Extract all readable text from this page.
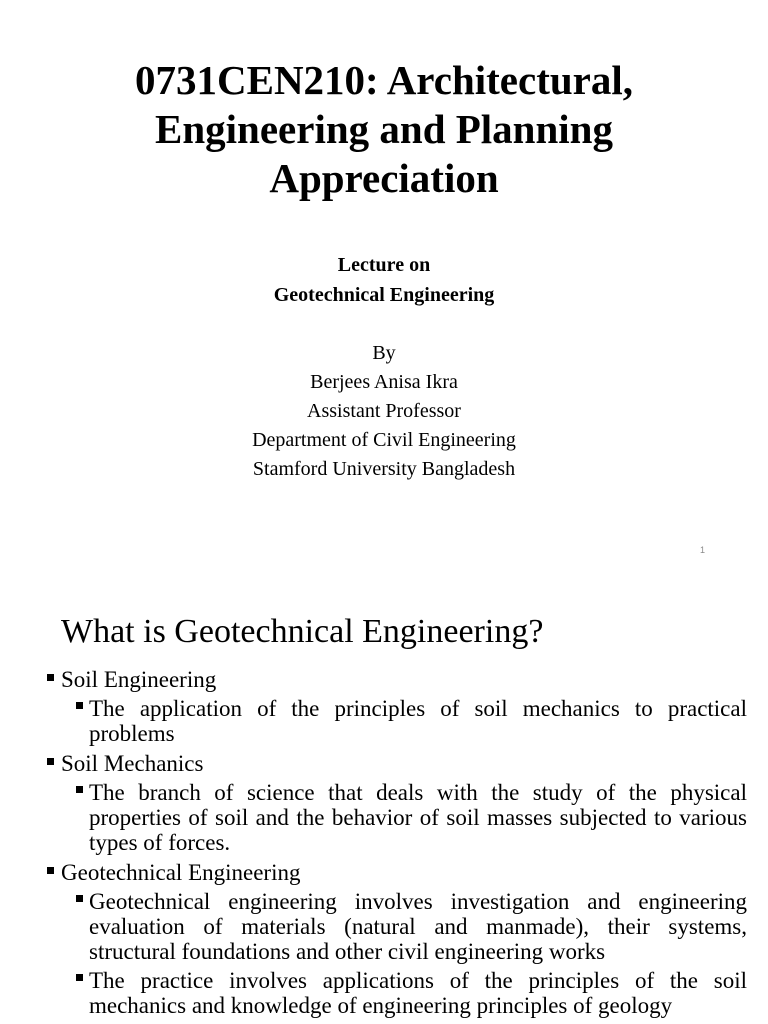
0731CEN210: Architectural, Engineering and Planning Appreciation
Lecture on
Geotechnical Engineering
By
Berjees Anisa Ikra
Assistant Professor
Department of Civil Engineering
Stamford University Bangladesh
1
What is Geotechnical Engineering?
Soil Engineering
The application of the principles of soil mechanics to practical problems
Soil Mechanics
The branch of science that deals with the study of the physical properties of soil and the behavior of soil masses subjected to various types of forces.
Geotechnical Engineering
Geotechnical engineering involves investigation and engineering evaluation of materials (natural and manmade), their systems, structural foundations and other civil engineering works
The practice involves applications of the principles of the soil mechanics and knowledge of engineering principles of geology
